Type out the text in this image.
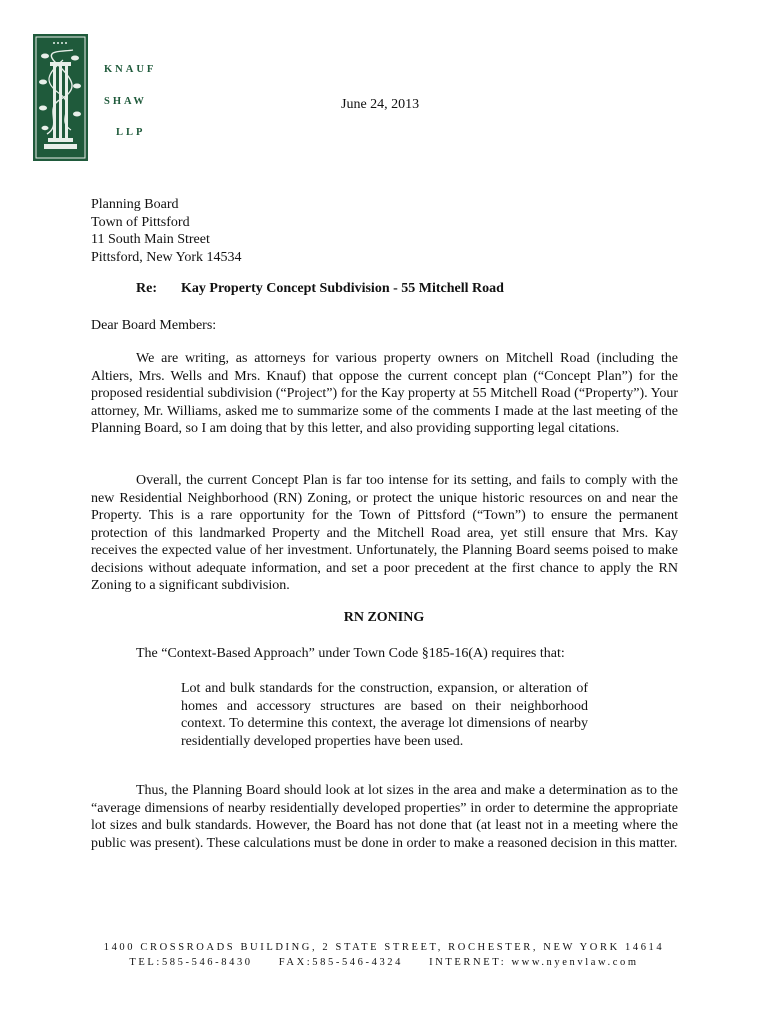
KNAUF
SHAW
LLP
June 24, 2013
Planning Board
Town of Pittsford
11 South Main Street
Pittsford, New York 14534
Re: Kay Property Concept Subdivision - 55 Mitchell Road
Dear Board Members:

We are writing, as attorneys for various property owners on Mitchell Road (including the Altiers, Mrs. Wells and Mrs. Knauf) that oppose the current concept plan (“Concept Plan”) for the proposed residential subdivision (“Project”) for the Kay property at 55 Mitchell Road (“Property”). Your attorney, Mr. Williams, asked me to summarize some of the comments I made at the last meeting of the Planning Board, so I am doing that by this letter, and also providing supporting legal citations.

Overall, the current Concept Plan is far too intense for its setting, and fails to comply with the new Residential Neighborhood (RN) Zoning, or protect the unique historic resources on and near the Property. This is a rare opportunity for the Town of Pittsford (“Town”) to ensure the permanent protection of this landmarked Property and the Mitchell Road area, yet still ensure that Mrs. Kay receives the expected value of her investment. Unfortunately, the Planning Board seems poised to make decisions without adequate information, and set a poor precedent at the first chance to apply the RN Zoning to a significant subdivision.

RN ZONING
The “Context-Based Approach” under Town Code §185-16(A) requires that:

Lot and bulk standards for the construction, expansion, or alteration of homes and accessory structures are based on their neighborhood context. To determine this context, the average lot dimensions of nearby residentially developed properties have been used.

Thus, the Planning Board should look at lot sizes in the area and make a determination as to the “average dimensions of nearby residentially developed properties” in order to determine the appropriate lot sizes and bulk standards. However, the Board has not done that (at least not in a meeting where the public was present). These calculations must be done in order to make a reasoned decision in this matter.

1400 CROSSROADS BUILDING, 2 STATE STREET, ROCHESTER, NEW YORK 14614
TEL:585-546-8430     FAX:585-546-4324     INTERNET: www.nyenvlaw.com
